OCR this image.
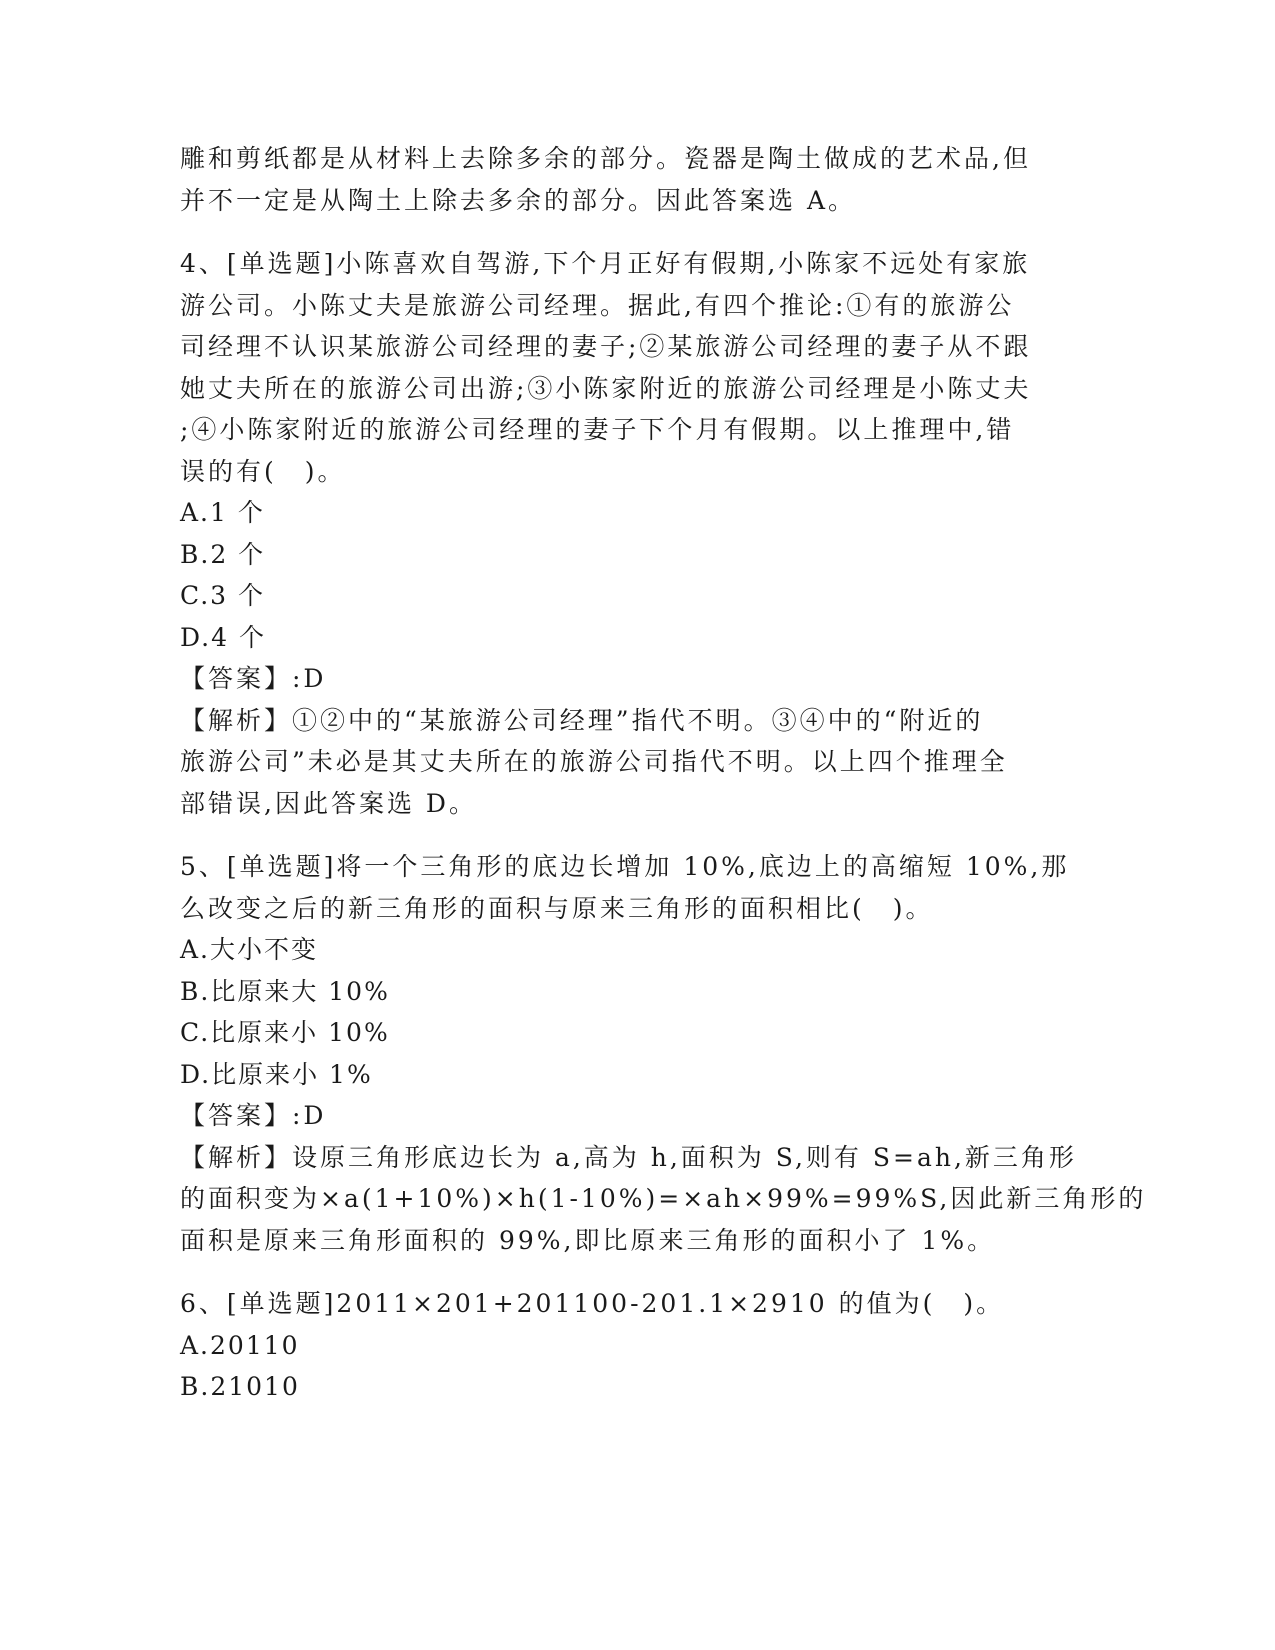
雕和剪纸都是从材料上去除多余的部分。瓷器是陶土做成的艺术品,但
并不一定是从陶土上除去多余的部分。因此答案选 A。
4、[单选题]小陈喜欢自驾游,下个月正好有假期,小陈家不远处有家旅
游公司。小陈丈夫是旅游公司经理。据此,有四个推论:①有的旅游公
司经理不认识某旅游公司经理的妻子;②某旅游公司经理的妻子从不跟
她丈夫所在的旅游公司出游;③小陈家附近的旅游公司经理是小陈丈夫
;④小陈家附近的旅游公司经理的妻子下个月有假期。以上推理中,错
误的有(　)。
A.1 个
B.2 个
C.3 个
D.4 个
【答案】:D
【解析】①②中的“某旅游公司经理”指代不明。③④中的“附近的
旅游公司”未必是其丈夫所在的旅游公司指代不明。以上四个推理全
部错误,因此答案选 D。
5、[单选题]将一个三角形的底边长增加 10%,底边上的高缩短 10%,那
么改变之后的新三角形的面积与原来三角形的面积相比(　)。
A.大小不变
B.比原来大 10%
C.比原来小 10%
D.比原来小 1%
【答案】:D
【解析】设原三角形底边长为 a,高为 h,面积为 S,则有 S=ah,新三角形
的面积变为×a(1+10%)×h(1-10%)=×ah×99%=99%S,因此新三角形的
面积是原来三角形面积的 99%,即比原来三角形的面积小了 1%。
6、[单选题]2011×201+201100-201.1×2910 的值为(　)。
A.20110
B.21010
